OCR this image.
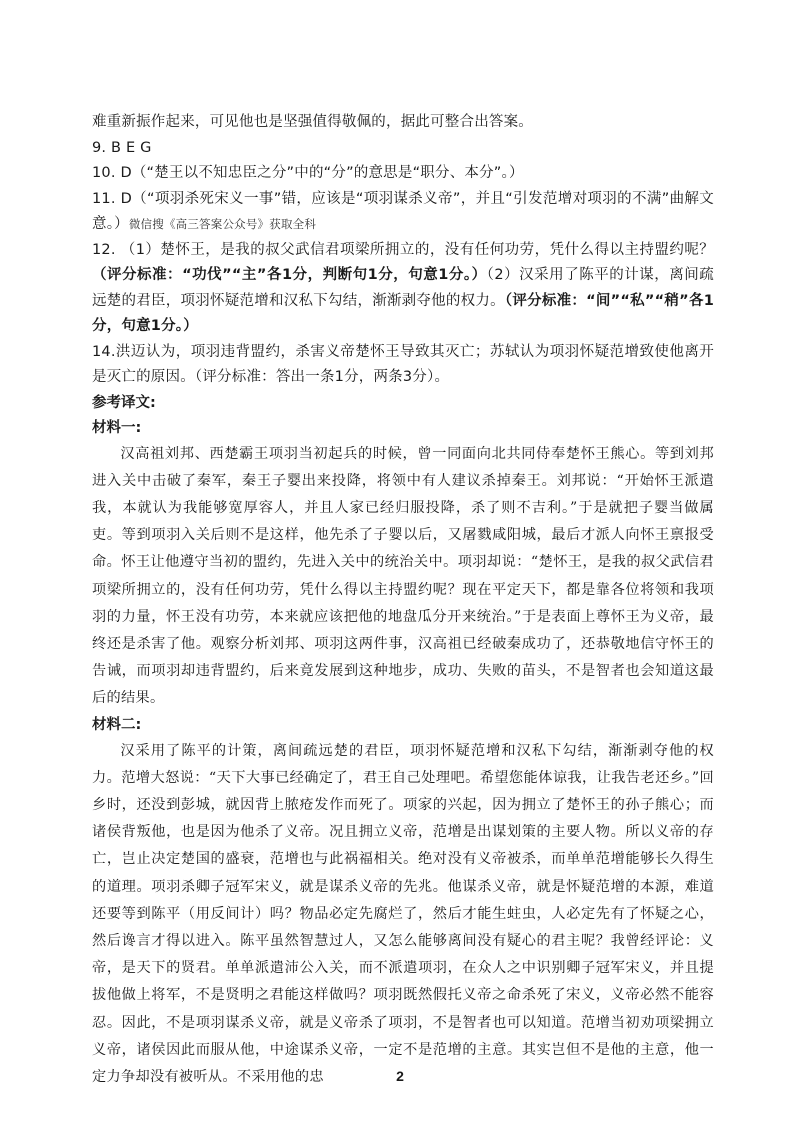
难重新振作起来，可见他也是坚强值得敬佩的，据此可整合出答案。

9. B E G

10. D（“楚王以不知忠臣之分”中的“分”的意思是“职分、本分”。）

11. D（“项羽杀死宋义一事”错，应该是“项羽谋杀义帝”，并且“引发范增对项羽的不满”曲解文意。）微信搜《高三答案公众号》获取全科

12. （1）楚怀王，是我的叔父武信君项梁所拥立的，没有任何功劳，凭什么得以主持盟约呢？（评分标准：“功伐”“主”各1分，判断句1分，句意1分。）（2）汉采用了陈平的计谋，离间疏远楚的君臣，项羽怀疑范增和汉私下勾结，渐渐剥夺他的权力。（评分标准：“间”“私”“稍”各1分，句意1分。）

14.洪迈认为，项羽违背盟约，杀害义帝楚怀王导致其灭亡；苏轼认为项羽怀疑范增致使他离开是灭亡的原因。（评分标准：答出一条1分，两条3分）。

参考译文:

材料一:

汉高祖刘邦、西楚霸王项羽当初起兵的时候，曾一同面向北共同侍奉楚怀王熊心。等到刘邦进入关中击破了秦军，秦王子婴出来投降，将领中有人建议杀掉秦王。刘邦说：“开始怀王派遣我，本就认为我能够宽厚容人，并且人家已经归服投降，杀了则不吉利。”于是就把子婴当做属吏。等到项羽入关后则不是这样，他先杀了子婴以后，又屠戮咸阳城，最后才派人向怀王禀报受命。怀王让他遵守当初的盟约，先进入关中的统治关中。项羽却说：“楚怀王，是我的叔父武信君项梁所拥立的，没有任何功劳，凭什么得以主持盟约呢？现在平定天下，都是靠各位将领和我项羽的力量，怀王没有功劳，本来就应该把他的地盘瓜分开来统治。”于是表面上尊怀王为义帝，最终还是杀害了他。观察分析刘邦、项羽这两件事，汉高祖已经破秦成功了，还恭敬地信守怀王的告诫，而项羽却违背盟约，后来竟发展到这种地步，成功、失败的苗头，不是智者也会知道这最后的结果。

材料二:

汉采用了陈平的计策，离间疏远楚的君臣，项羽怀疑范增和汉私下勾结，渐渐剥夺他的权力。范增大怒说：“天下大事已经确定了，君王自己处理吧。希望您能体谅我，让我告老还乡。”回乡时，还没到彭城，就因背上脓疮发作而死了。项家的兴起，因为拥立了楚怀王的孙子熊心；而诸侯背叛他，也是因为他杀了义帝。况且拥立义帝，范增是出谋划策的主要人物。所以义帝的存亡，岂止决定楚国的盛衰，范增也与此祸福相关。绝对没有义帝被杀，而单单范增能够长久得生的道理。项羽杀卿子冠军宋义，就是谋杀义帝的先兆。他谋杀义帝，就是怀疑范增的本源，难道还要等到陈平（用反间计）吗？物品必定先腐烂了，然后才能生蛀虫，人必定先有了怀疑之心，然后谗言才得以进入。陈平虽然智慧过人，又怎么能够离间没有疑心的君主呢？我曾经评论：义帝，是天下的贤君。单单派遣沛公入关，而不派遣项羽，在众人之中识别卿子冠军宋义，并且提拔他做上将军，不是贤明之君能这样做吗？项羽既然假托义帝之命杀死了宋义，义帝必然不能容忍。因此，不是项羽谋杀义帝，就是义帝杀了项羽，不是智者也可以知道。范增当初劝项梁拥立义帝，诸侯因此而服从他，中途谋杀义帝，一定不是范增的主意。其实岂但不是他的主意，他一定力争却没有被听从。不采用他的忠	2
